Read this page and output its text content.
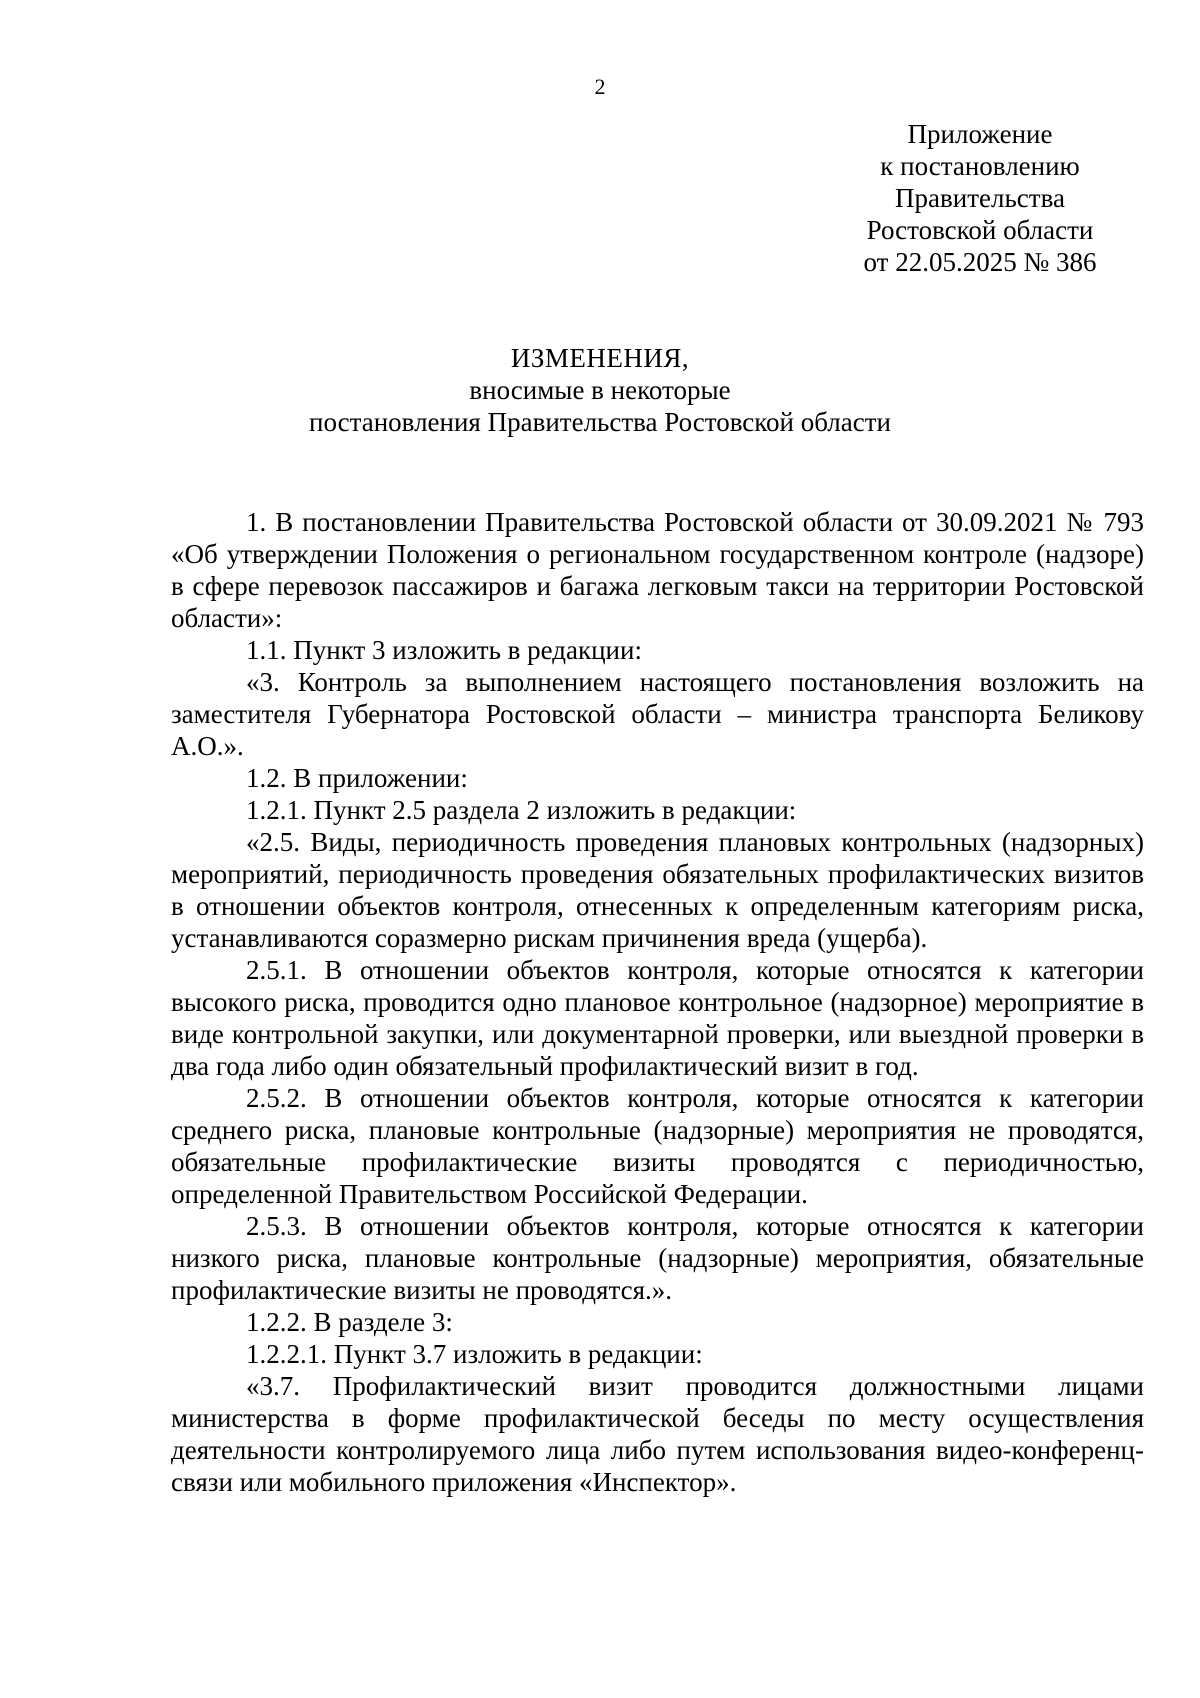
2
Приложение
к постановлению
Правительства
Ростовской области
от 22.05.2025 № 386
ИЗМЕНЕНИЯ,
вносимые в некоторые
постановления Правительства Ростовской области

1. В постановлении Правительства Ростовской области от 30.09.2021 № 793 «Об утверждении Положения о региональном государственном контроле (надзоре) в сфере перевозок пассажиров и багажа легковым такси на территории Ростовской области»:

1.1. Пункт 3 изложить в редакции:

«3. Контроль за выполнением настоящего постановления возложить на заместителя Губернатора Ростовской области – министра транспорта Беликову А.О.».

1.2. В приложении:

1.2.1. Пункт 2.5 раздела 2 изложить в редакции:

«2.5. Виды, периодичность проведения плановых контрольных (надзорных) мероприятий, периодичность проведения обязательных профилактических визитов в отношении объектов контроля, отнесенных к определенным категориям риска, устанавливаются соразмерно рискам причинения вреда (ущерба).

2.5.1. В отношении объектов контроля, которые относятся к категории высокого риска, проводится одно плановое контрольное (надзорное) мероприятие в виде контрольной закупки, или документарной проверки, или выездной проверки в два года либо один обязательный профилактический визит в год.

2.5.2. В отношении объектов контроля, которые относятся к категории среднего риска, плановые контрольные (надзорные) мероприятия не проводятся, обязательные профилактические визиты проводятся с периодичностью, определенной Правительством Российской Федерации.

2.5.3. В отношении объектов контроля, которые относятся к категории низкого риска, плановые контрольные (надзорные) мероприятия, обязательные профилактические визиты не проводятся.».

1.2.2. В разделе 3:

1.2.2.1. Пункт 3.7 изложить в редакции:

«3.7. Профилактический визит проводится должностными лицами министерства в форме профилактической беседы по месту осуществления деятельности контролируемого лица либо путем использования видео-конференц-связи или мобильного приложения «Инспектор».
